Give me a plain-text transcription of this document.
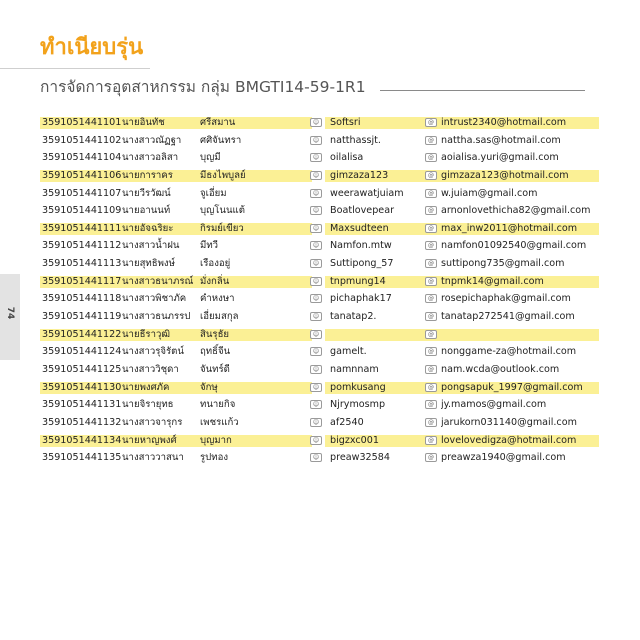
ทำเนียบรุ่น
การจัดการอุตสาหกรรม กลุ่ม BMGTI14-59-1R1
74
3591051441101 นายอินทัช	ศรีสมาน	Softsri	intrust2340@hotmail.com
☺	@
3591051441102 นางสาวณัฏฐา	ศศิจันทรา	natthassjt.	nattha.sas@hotmail.com
☺	@
3591051441104 นางสาวอลิสา	บุญมี	oilalisa	aoialisa.yuri@gmail.com
☺	@
3591051441106 นายการาคร	มีธงไพบูลย์	gimzaza123	gimzaza123@hotmail.com
☺	@
3591051441107 นายวีรวัฒน์	จูเอี่ยม	weerawatjuiam	w.juiam@gmail.com
☺	@
3591051441109 นายอานนท์	บุญโนนแต้	Boatlovepear	arnonlovethicha82@gmail.com
☺	@
3591051441111 นายอัจฉริยะ	กิรมย์เขียว	Maxsudteen	max_inw2011@hotmail.com
☺	@
3591051441112 นางสาวน้ำฝน	มีทวี	Namfon.mtw	namfon01092540@gmail.com
☺	@
3591051441113 นายสุทธิพงษ์	เรืองอยู่	Suttipong_57	suttipong735@gmail.com
☺	@
3591051441117 นางสาวธนาภรณ์ มั่งกลิ่น	tnpmung14	tnpmk14@gmail.com
☺	@
3591051441118 นางสาวพิชาภัค	คำหงษา	pichaphak17	rosepichaphak@gmail.com
☺	@
3591051441119 นางสาวธนภรรป เอี่ยมสกุล	tanatap2.	tanatap272541@gmail.com
☺	@
3591051441122 นายธีราวุฒิ	สินรุธัย	☺	@
3591051441124 นางสาวรุจิรัตน์	ฤทธิ์จีน	gamelt.	nonggame-za@hotmail.com
☺	@
3591051441125 นางสาววิชุดา	จันทร์ดี	namnnam	nam.wcda@outlook.com
☺	@
3591051441130 นายพงศภัค	จักษุ	pomkusang	pongsapuk_1997@gmail.com
☺	@
3591051441131 นายจิรายุทธ	ทนายกิจ	Njrymosmp	jy.mamos@gmail.com
☺	@
3591051441132 นางสาวจารุกร	เพชรแก้ว	af2540	jarukorn031140@gmail.com
☺	@
3591051441134 นายหาญพงศ์	บุญมาก	bigzxc001	lovelovedigza@hotmail.com
☺	@
3591051441135 นางสาววาสนา	รูปทอง	preaw32584	preawza1940@gmail.com
☺	@
